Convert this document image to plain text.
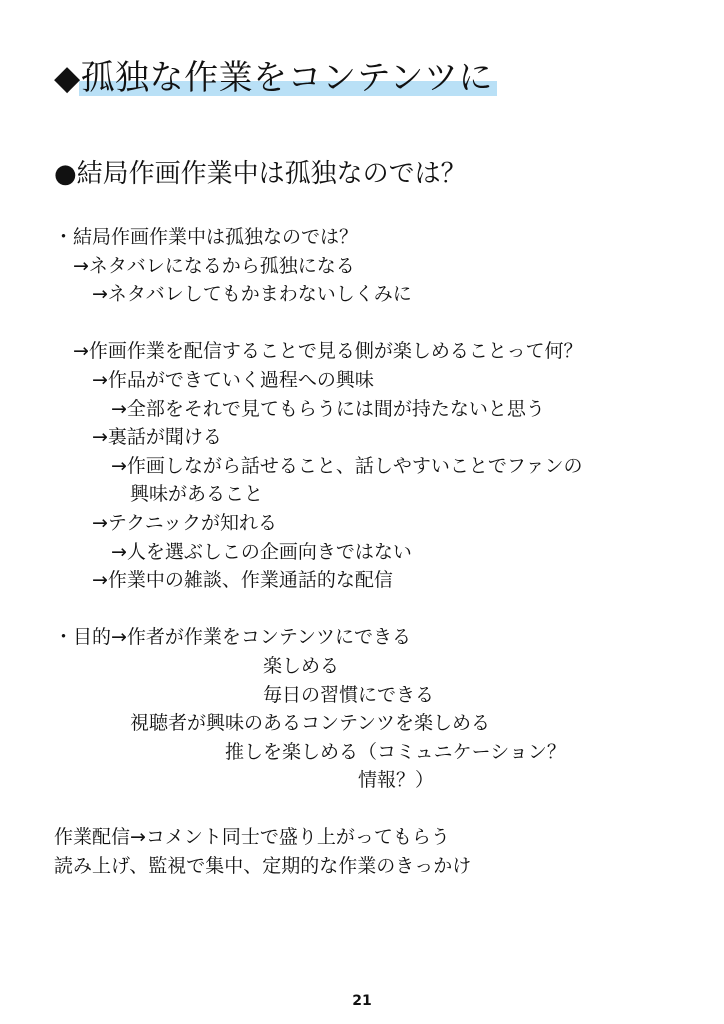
◆孤独な作業をコンテンツに
●結局作画作業中は孤独なのでは？
・結局作画作業中は孤独なのでは？
　→ネタバレになるから孤独になる
　　→ネタバレしてもかまわないしくみに
　→作画作業を配信することで見る側が楽しめることって何？
　　→作品ができていく過程への興味
　　　→全部をそれで見てもらうには間が持たないと思う
　　→裏話が聞ける
　　　→作画しながら話せること、話しやすいことでファンの
　　　　興味があること
　　→テクニックが知れる
　　　→人を選ぶしこの企画向きではない
　　→作業中の雑談、作業通話的な配信
・目的→作者が作業をコンテンツにできる
　　　　　　　　　　　楽しめる
　　　　　　　　　　　毎日の習慣にできる
　　　　視聴者が興味のあるコンテンツを楽しめる
　　　　　　　　　推しを楽しめる（コミュニケーション？
　　　　　　　　　　　　　　　　情報？）
作業配信→コメント同士で盛り上がってもらう
読み上げ、監視で集中、定期的な作業のきっかけ
21
